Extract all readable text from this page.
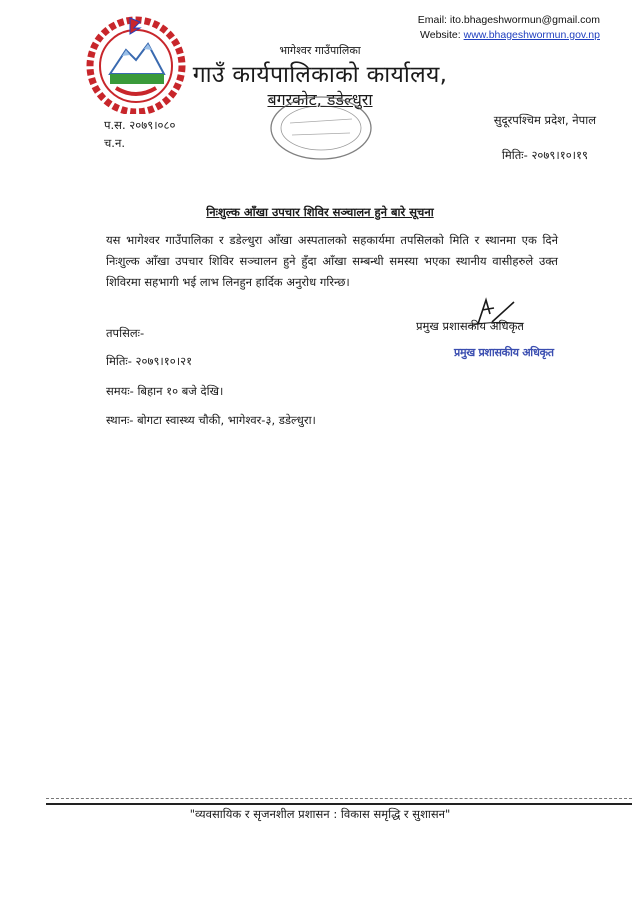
Email: ito.bhageshwormun@gmail.com
Website: www.bhageshwormun.gov.np
भागेश्वर गाउँपालिका
गाउँ कार्यपालिकाको कार्यालय,
बगरकोट, डडेल्धुरा
प.स. २०७९।०८०
च.न.
सुदूरपश्चिम प्रदेश, नेपाल
मितिः- २०७९।१०।१९
निःशुल्क आँखा उपचार शिविर सञ्चालन हुने बारे सूचना
यस भागेश्वर गाउँपालिका र डडेल्धुरा आँखा अस्पतालको सहकार्यमा तपसिलको मिति र स्थानमा एक दिने निःशुल्क आँखा उपचार शिविर सञ्चालन हुने हुँदा आँखा सम्बन्धी समस्या भएका स्थानीय वासीहरुले उक्त शिविरमा सहभागी भई लाभ लिनहुन हार्दिक अनुरोध गरिन्छ।
तपसिलः-	प्रमुख प्रशासकीय अधिकृत
प्रमुख प्रशासकीय अधिकृत
मितिः- २०७९।१०।२१
समयः- बिहान १० बजे देखि।
स्थानः- बोगटा स्वास्थ्य चौकी, भागेश्वर-३, डडेल्धुरा।
"व्यवसायिक र सृजनशील प्रशासन : विकास समृद्धि र सुशासन"
